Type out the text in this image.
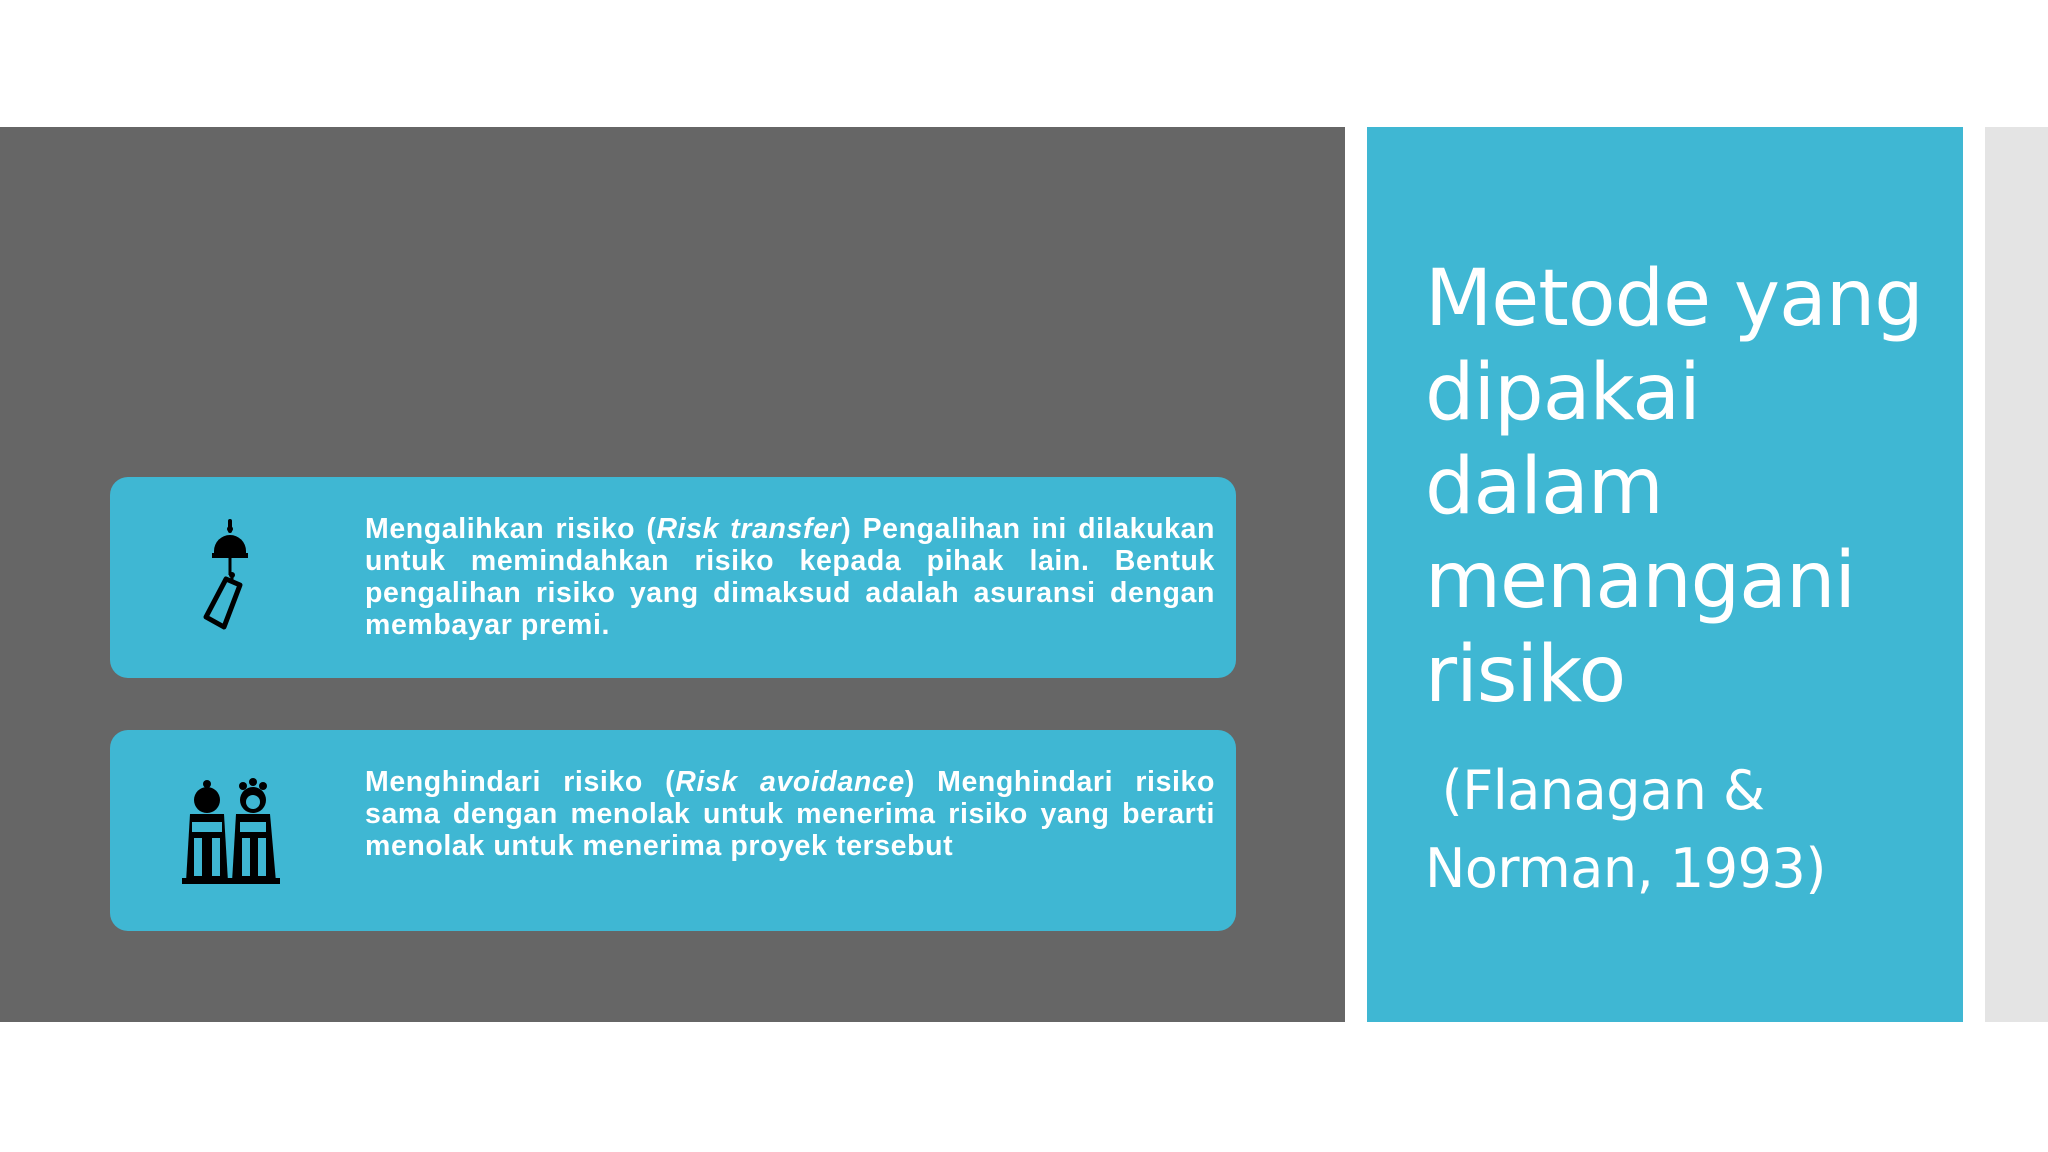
Mengalihkan risiko (Risk transfer) Pengalihan ini dilakukan untuk memindahkan risiko kepada pihak lain. Bentuk pengalihan risiko yang dimaksud adalah asuransi dengan membayar premi.
Menghindari risiko (Risk avoidance) Menghindari risiko sama dengan menolak untuk menerima risiko yang berarti menolak untuk menerima proyek tersebut
Metode yang
dipakai
dalam
menangani
risiko
(Flanagan &
Norman, 1993)
